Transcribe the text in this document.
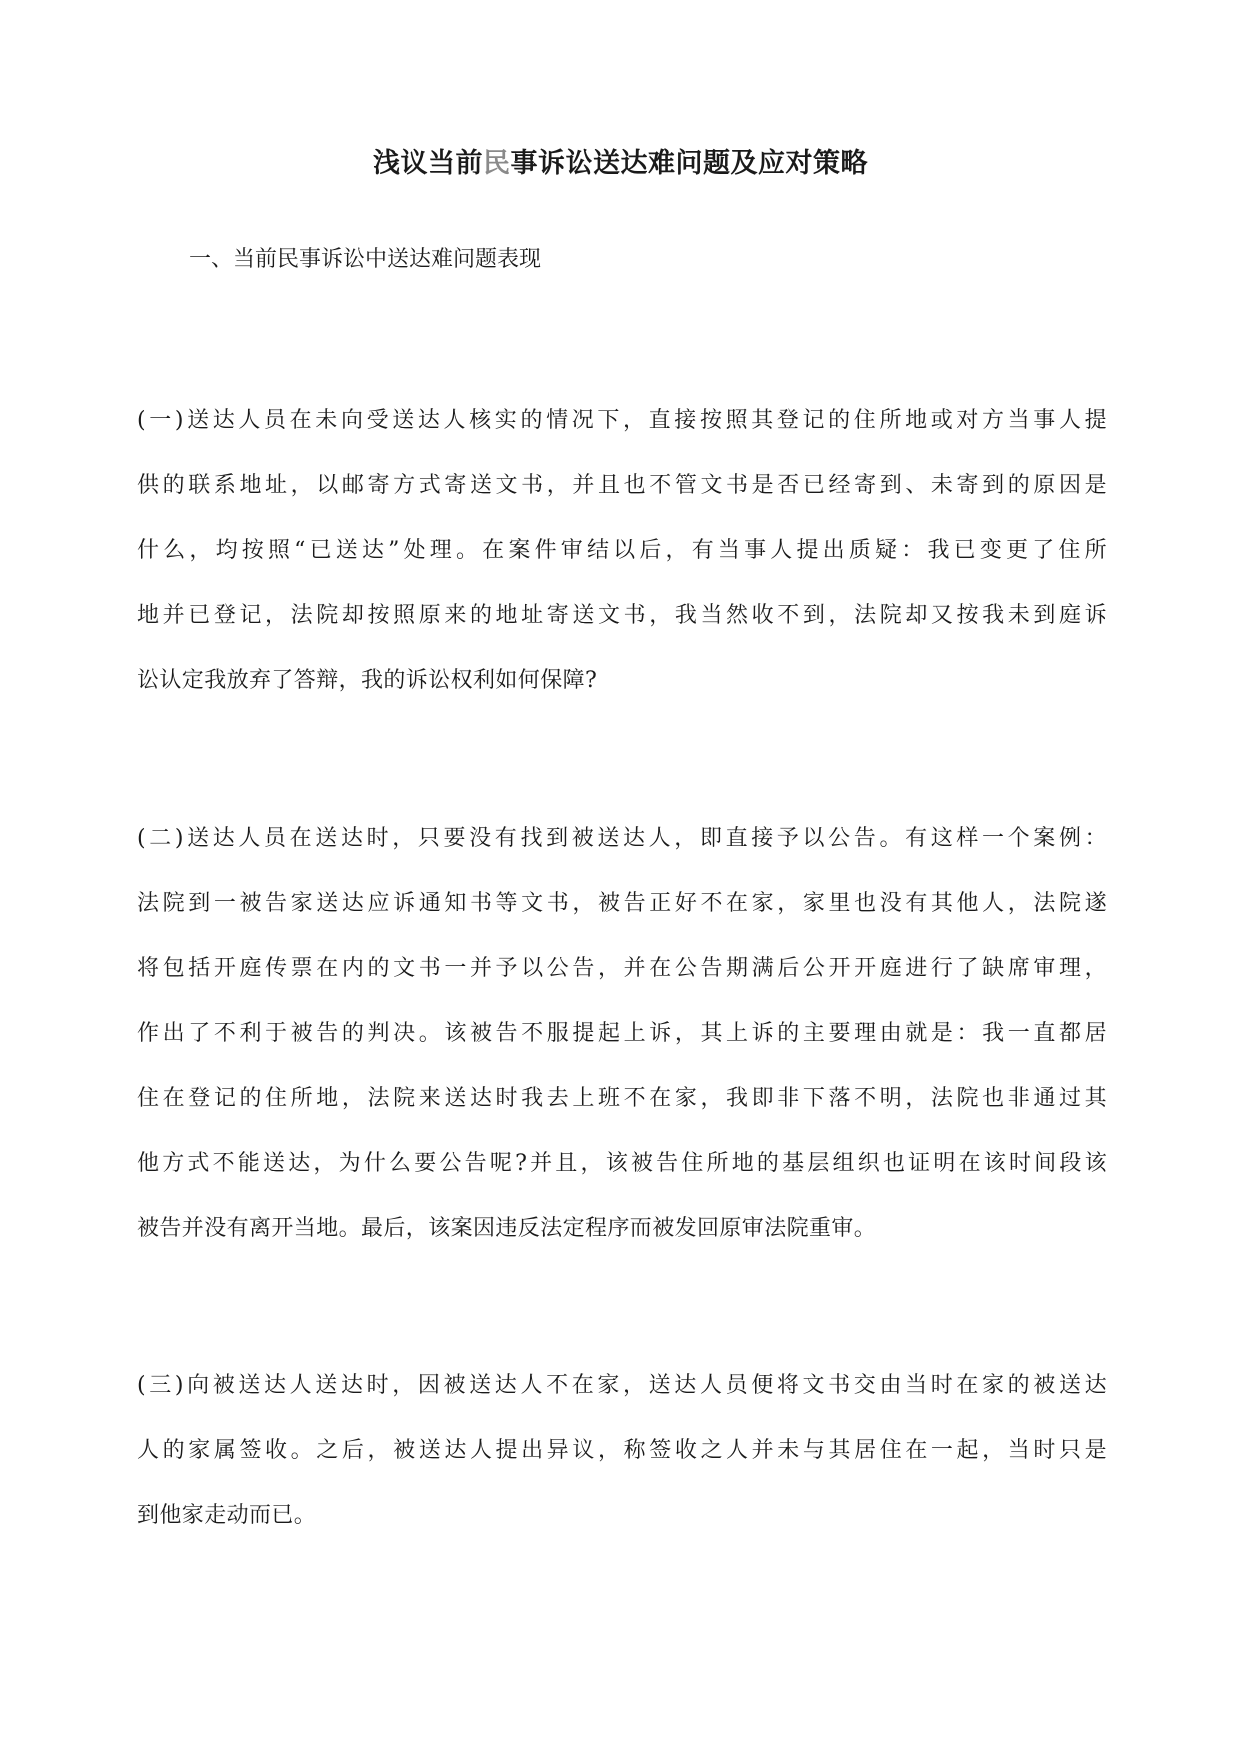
浅议当前民事诉讼送达难问题及应对策略

一、当前民事诉讼中送达难问题表现

(一)送达人员在未向受送达人核实的情况下，直接按照其登记的住所地或对方当事人提
供的联系地址，以邮寄方式寄送文书，并且也不管文书是否已经寄到、未寄到的原因是
什么，均按照“已送达”处理。在案件审结以后，有当事人提出质疑：我已变更了住所
地并已登记，法院却按照原来的地址寄送文书，我当然收不到，法院却又按我未到庭诉
讼认定我放弃了答辩，我的诉讼权利如何保障?

(二)送达人员在送达时，只要没有找到被送达人，即直接予以公告。有这样一个案例：
法院到一被告家送达应诉通知书等文书，被告正好不在家，家里也没有其他人，法院遂
将包括开庭传票在内的文书一并予以公告，并在公告期满后公开开庭进行了缺席审理，
作出了不利于被告的判决。该被告不服提起上诉，其上诉的主要理由就是：我一直都居
住在登记的住所地，法院来送达时我去上班不在家，我即非下落不明，法院也非通过其
他方式不能送达，为什么要公告呢?并且，该被告住所地的基层组织也证明在该时间段该
被告并没有离开当地。最后，该案因违反法定程序而被发回原审法院重审。

(三)向被送达人送达时，因被送达人不在家，送达人员便将文书交由当时在家的被送达
人的家属签收。之后，被送达人提出异议，称签收之人并未与其居住在一起，当时只是
到他家走动而已。
